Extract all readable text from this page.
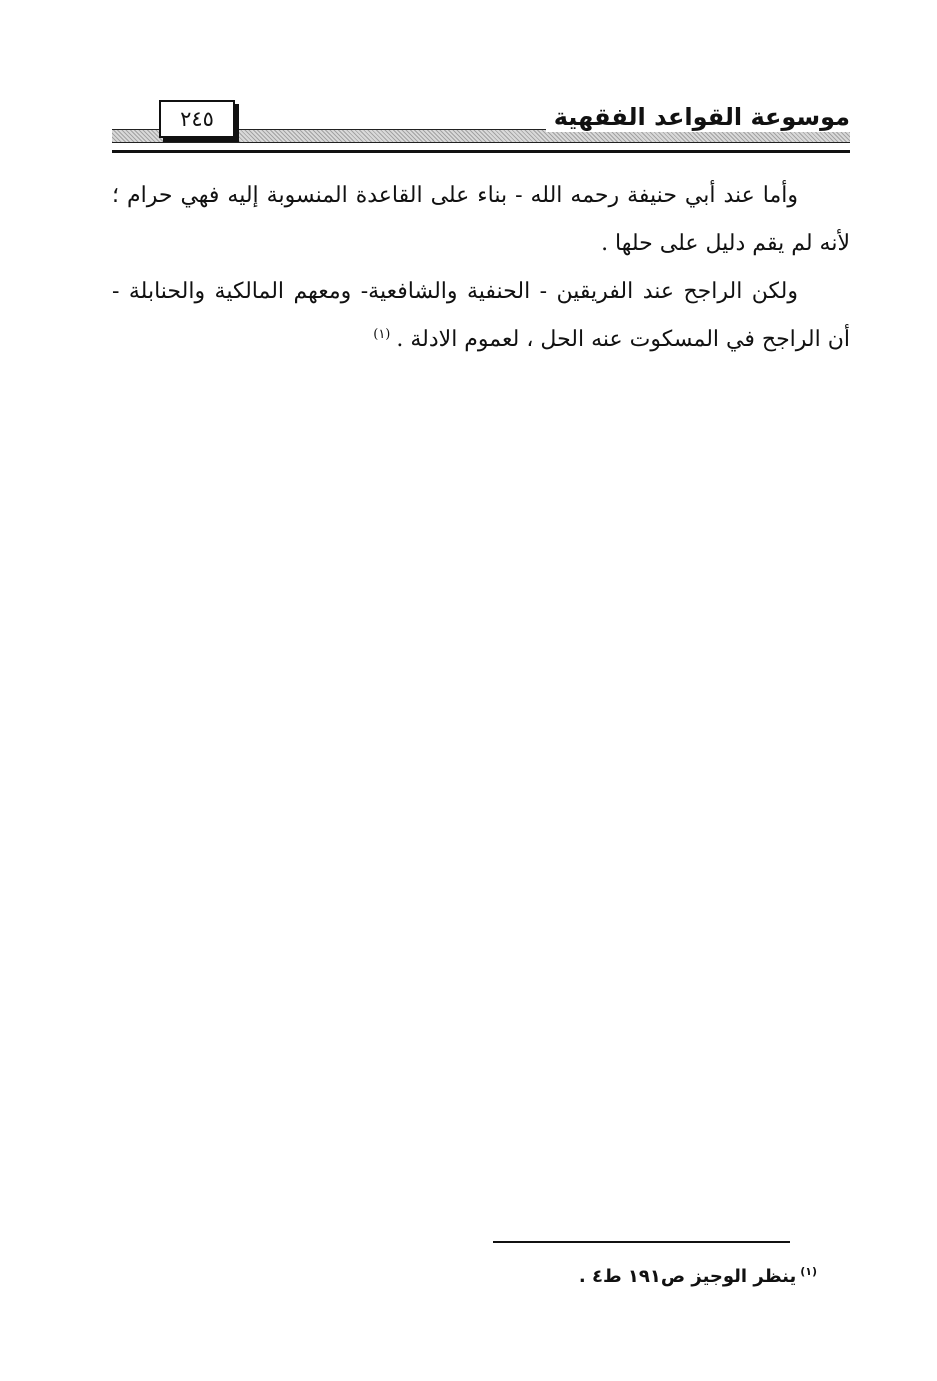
موسوعة القواعد الفقهية
٢٤٥

وأما عند أبي حنيفة رحمه الله - بناء على القاعدة المنسوبة إليه فهي حرام ؛ لأنه لم يقم دليل على حلها .

ولكن الراجح عند الفريقين - الحنفية والشافعية- ومعهم المالكية والحنابلة - أن الراجح في المسكوت عنه الحل ، لعموم الادلة .$^{(١)}$

$^{(١)}$ينظر الوجيز ص١٩١ ط٤ .
